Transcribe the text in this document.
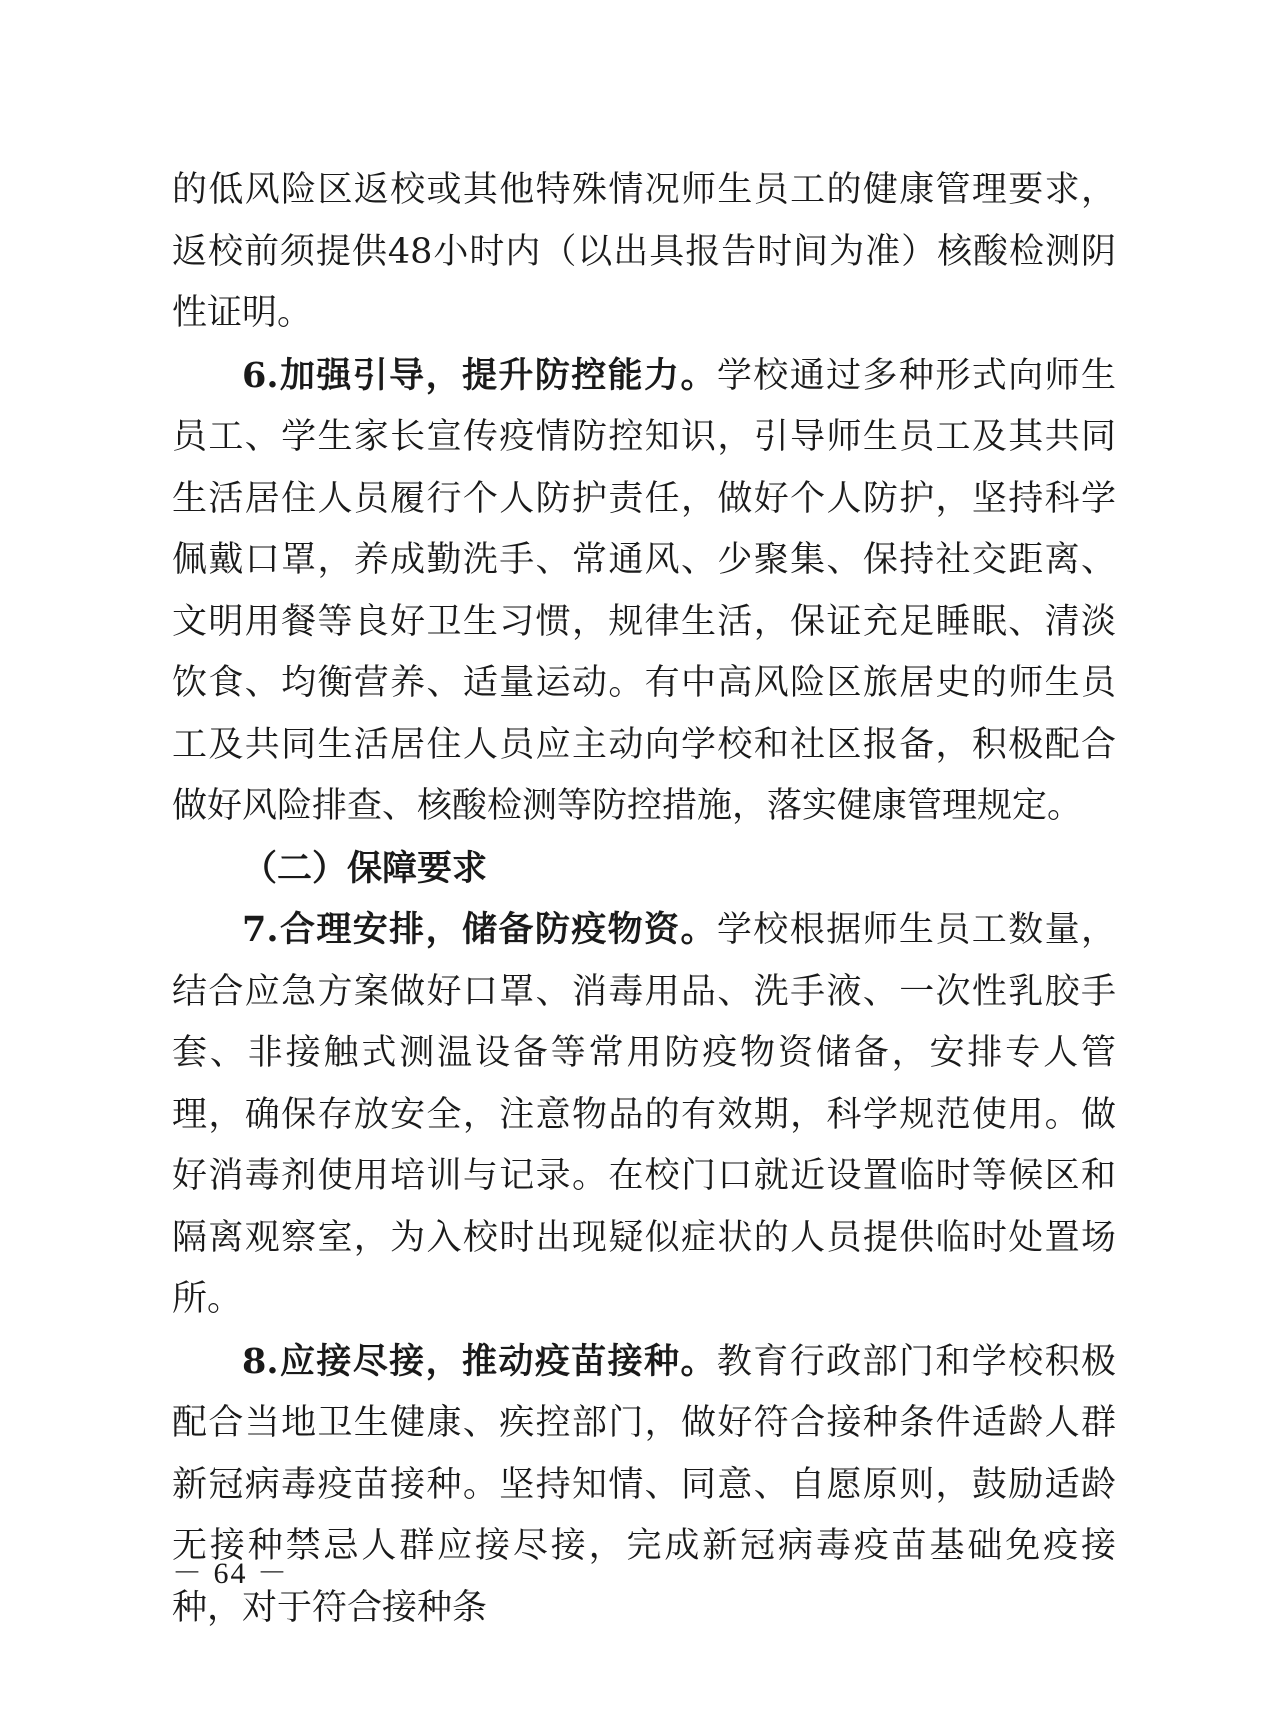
的低风险区返校或其他特殊情况师生员工的健康管理要求，返校前须提供48小时内（以出具报告时间为准）核酸检测阴性证明。

6.加强引导，提升防控能力。学校通过多种形式向师生员工、学生家长宣传疫情防控知识，引导师生员工及其共同生活居住人员履行个人防护责任，做好个人防护，坚持科学佩戴口罩，养成勤洗手、常通风、少聚集、保持社交距离、文明用餐等良好卫生习惯，规律生活，保证充足睡眠、清淡饮食、均衡营养、适量运动。有中高风险区旅居史的师生员工及共同生活居住人员应主动向学校和社区报备，积极配合做好风险排查、核酸检测等防控措施，落实健康管理规定。

（二）保障要求

7.合理安排，储备防疫物资。学校根据师生员工数量，结合应急方案做好口罩、消毒用品、洗手液、一次性乳胶手套、非接触式测温设备等常用防疫物资储备，安排专人管理，确保存放安全，注意物品的有效期，科学规范使用。做好消毒剂使用培训与记录。在校门口就近设置临时等候区和隔离观察室，为入校时出现疑似症状的人员提供临时处置场所。

8.应接尽接，推动疫苗接种。教育行政部门和学校积极配合当地卫生健康、疾控部门，做好符合接种条件适龄人群新冠病毒疫苗接种。坚持知情、同意、自愿原则，鼓励适龄无接种禁忌人群应接尽接，完成新冠病毒疫苗基础免疫接种，对于符合接种条

－ 64 －
